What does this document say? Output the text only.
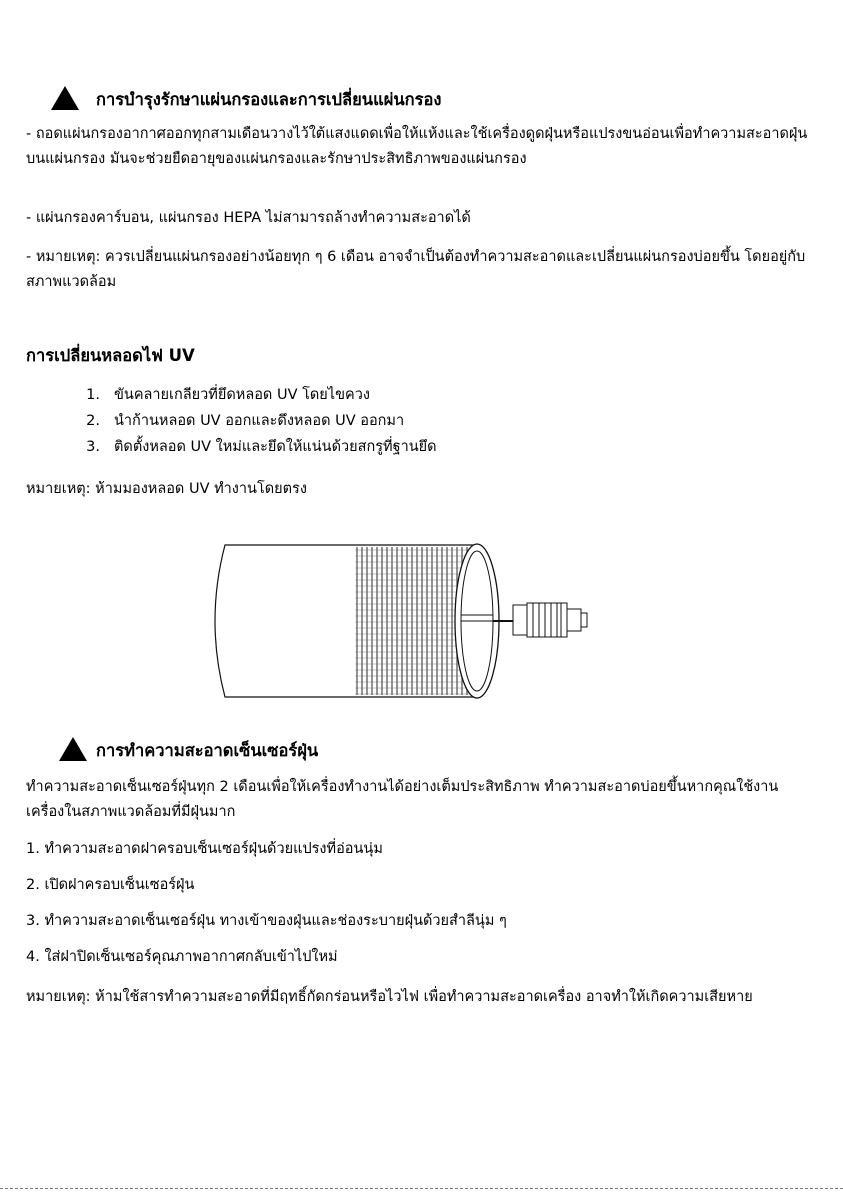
การบำรุงรักษาแผ่นกรองและการเปลี่ยนแผ่นกรอง
- ถอดแผ่นกรองอากาศออกทุกสามเดือนวางไว้ใต้แสงแดดเพื่อให้แห้งและใช้เครื่องดูดฝุ่นหรือแปรงขนอ่อนเพื่อทำความสะอาดฝุ่นบนแผ่นกรอง มันจะช่วยยืดอายุของแผ่นกรองและรักษาประสิทธิภาพของแผ่นกรอง
- แผ่นกรองคาร์บอน, แผ่นกรอง HEPA ไม่สามารถล้างทำความสะอาดได้
- หมายเหตุ: ควรเปลี่ยนแผ่นกรองอย่างน้อยทุก ๆ 6 เดือน อาจจำเป็นต้องทำความสะอาดและเปลี่ยนแผ่นกรองบ่อยขึ้น โดยอยู่กับสภาพแวดล้อม
การเปลี่ยนหลอดไฟ UV
1. ขันคลายเกลียวที่ยึดหลอด UV โดยไขควง
2. นำก้านหลอด UV ออกและดึงหลอด UV ออกมา
3. ติดตั้งหลอด UV ใหม่และยึดให้แน่นด้วยสกรูที่ฐานยึด
หมายเหตุ: ห้ามมองหลอด UV ทำงานโดยตรง
การทำความสะอาดเซ็นเซอร์ฝุ่น
ทำความสะอาดเซ็นเซอร์ฝุ่นทุก 2 เดือนเพื่อให้เครื่องทำงานได้อย่างเต็มประสิทธิภาพ ทำความสะอาดบ่อยขึ้นหากคุณใช้งานเครื่องในสภาพแวดล้อมที่มีฝุ่นมาก
1. ทำความสะอาดฝาครอบเซ็นเซอร์ฝุ่นด้วยแปรงที่อ่อนนุ่ม
2. เปิดฝาครอบเซ็นเซอร์ฝุ่น
3. ทำความสะอาดเซ็นเซอร์ฝุ่น ทางเข้าของฝุ่นและช่องระบายฝุ่นด้วยสำลีนุ่ม ๆ
4. ใส่ฝาปิดเซ็นเซอร์คุณภาพอากาศกลับเข้าไปใหม่
หมายเหตุ: ห้ามใช้สารทำความสะอาดที่มีฤทธิ์กัดกร่อนหรือไวไฟ เพื่อทำความสะอาดเครื่อง อาจทำให้เกิดความเสียหาย
